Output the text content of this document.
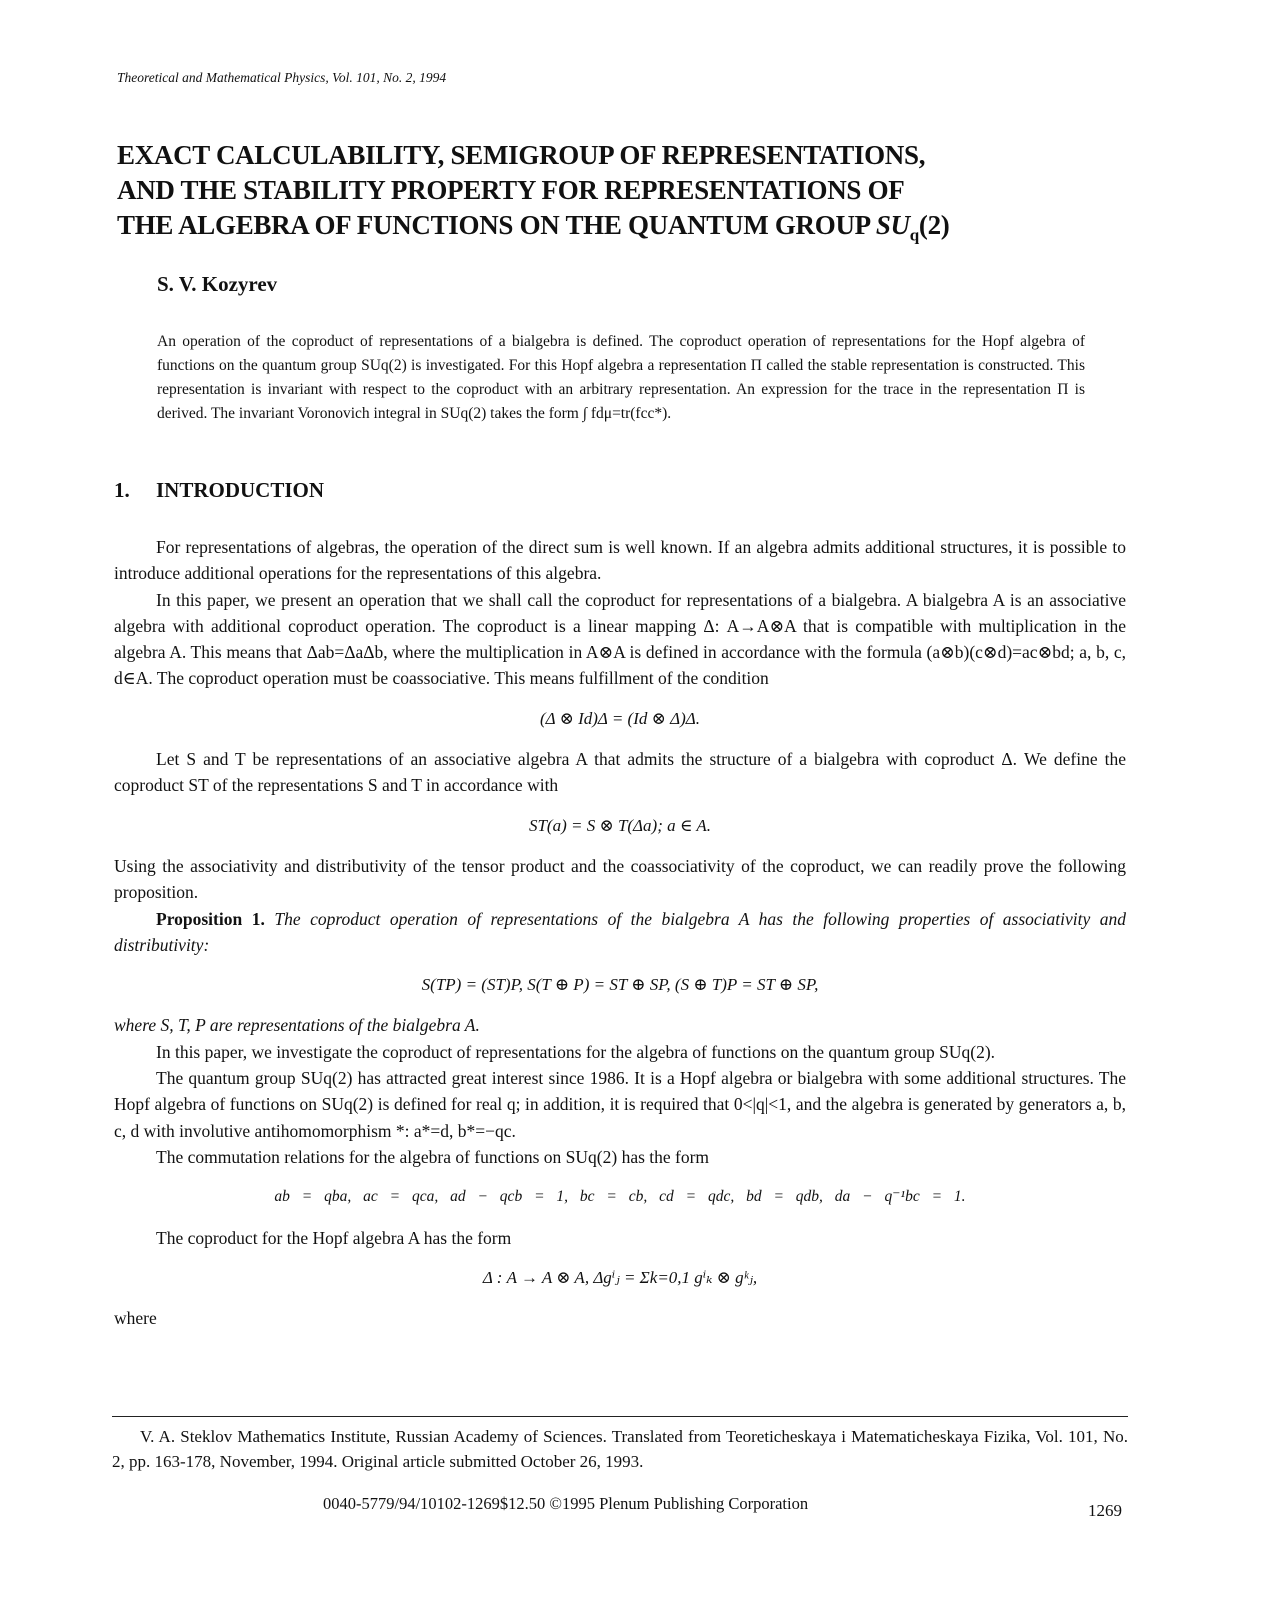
Theoretical and Mathematical Physics, Vol. 101, No. 2, 1994
EXACT CALCULABILITY, SEMIGROUP OF REPRESENTATIONS,
AND THE STABILITY PROPERTY FOR REPRESENTATIONS OF
THE ALGEBRA OF FUNCTIONS ON THE QUANTUM GROUP $SU_q(2)$
S. V. Kozyrev
An operation of the coproduct of representations of a bialgebra is defined. The coproduct operation of representations for the Hopf algebra of functions on the quantum group SUq(2) is investigated. For this Hopf algebra a representation Π called the stable representation is constructed. This representation is invariant with respect to the coproduct with an arbitrary representation. An expression for the trace in the representation Π is derived. The invariant Voronovich integral in SUq(2) takes the form ∫ fdμ=tr(fcc*).
1. INTRODUCTION

For representations of algebras, the operation of the direct sum is well known. If an algebra admits additional structures, it is possible to introduce additional operations for the representations of this algebra.

In this paper, we present an operation that we shall call the coproduct for representations of a bialgebra. A bialgebra A is an associative algebra with additional coproduct operation. The coproduct is a linear mapping Δ: A→A⊗A that is compatible with multiplication in the algebra A. This means that Δab=ΔaΔb, where the multiplication in A⊗A is defined in accordance with the formula (a⊗b)(c⊗d)=ac⊗bd; a, b, c, d∈A. The coproduct operation must be coassociative. This means fulfillment of the condition

(Δ ⊗ Id)Δ = (Id ⊗ Δ)Δ.

Let S and T be representations of an associative algebra A that admits the structure of a bialgebra with coproduct Δ. We define the coproduct ST of the representations S and T in accordance with

ST(a) = S ⊗ T(Δa); a ∈ A.

Using the associativity and distributivity of the tensor product and the coassociativity of the coproduct, we can readily prove the following proposition.

Proposition 1. The coproduct operation of representations of the bialgebra A has the following properties of associativity and distributivity:

S(TP) = (ST)P, S(T ⊕ P) = ST ⊕ SP, (S ⊕ T)P = ST ⊕ SP,

where S, T, P are representations of the bialgebra A.

In this paper, we investigate the coproduct of representations for the algebra of functions on the quantum group SUq(2).

The quantum group SUq(2) has attracted great interest since 1986. It is a Hopf algebra or bialgebra with some additional structures. The Hopf algebra of functions on SUq(2) is defined for real q; in addition, it is required that 0<|q|<1, and the algebra is generated by generators a, b, c, d with involutive antihomomorphism *: a*=d, b*=−qc.

The commutation relations for the algebra of functions on SUq(2) has the form

ab = qba, ac = qca, ad − qcb = 1, bc = cb, cd = qdc, bd = qdb, da − q⁻¹bc = 1.

The coproduct for the Hopf algebra A has the form

Δ : A → A ⊗ A, Δgⁱⱼ = Σk=0,1 gⁱₖ ⊗ gᵏⱼ,

where

V. A. Steklov Mathematics Institute, Russian Academy of Sciences. Translated from Teoreticheskaya i Matematicheskaya Fizika, Vol. 101, No. 2, pp. 163-178, November, 1994. Original article submitted October 26, 1993.
0040-5779/94/10102-1269$12.50 ©1995 Plenum Publishing Corporation	1269
